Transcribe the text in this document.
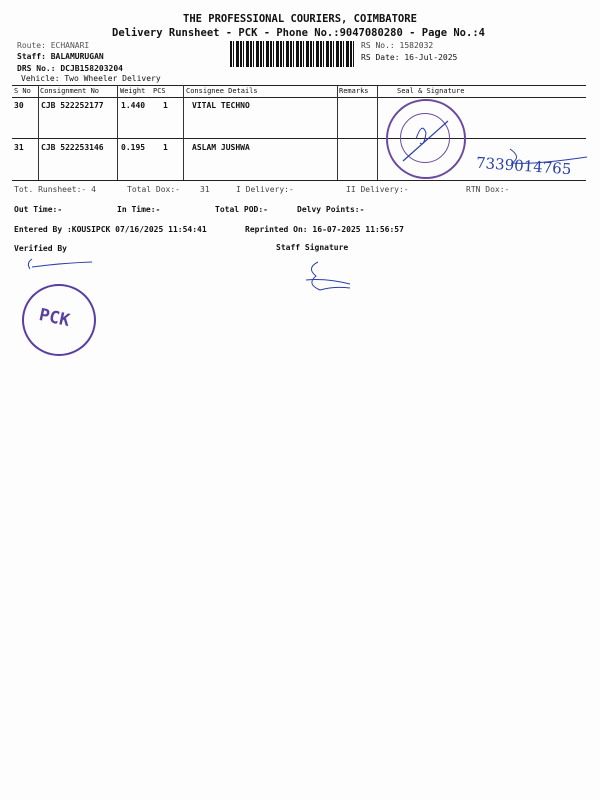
THE PROFESSIONAL COURIERS, COIMBATORE
Delivery Runsheet - PCK - Phone No.:9047080280 - Page No.:4
Route: ECHANARI
Staff: BALAMURUGAN
DRS No.: DCJB158203204
Vehicle: Two Wheeler Delivery
RS No.: 1582032
RS Date: 16-Jul-2025
S No Consignment No	Weight PCS	Consignee Details	Remarks	Seal & Signature
30 CJB 522252177 1.440 1	VITAL TECHNO
31 CJB 522253146 0.195 1	ASLAM JUSHWA
7339014765
Tot. Runsheet:- 4	Total Dox:-	31	I Delivery:-	II Delivery:-	RTN Dox:-
Out Time:-	In Time:-	Total POD:-	Delvy Points:-
Entered By :KOUSIPCK 07/16/2025 11:54:41	Reprinted On: 16-07-2025 11:56:57
Verified By	Staff Signature
PCK
